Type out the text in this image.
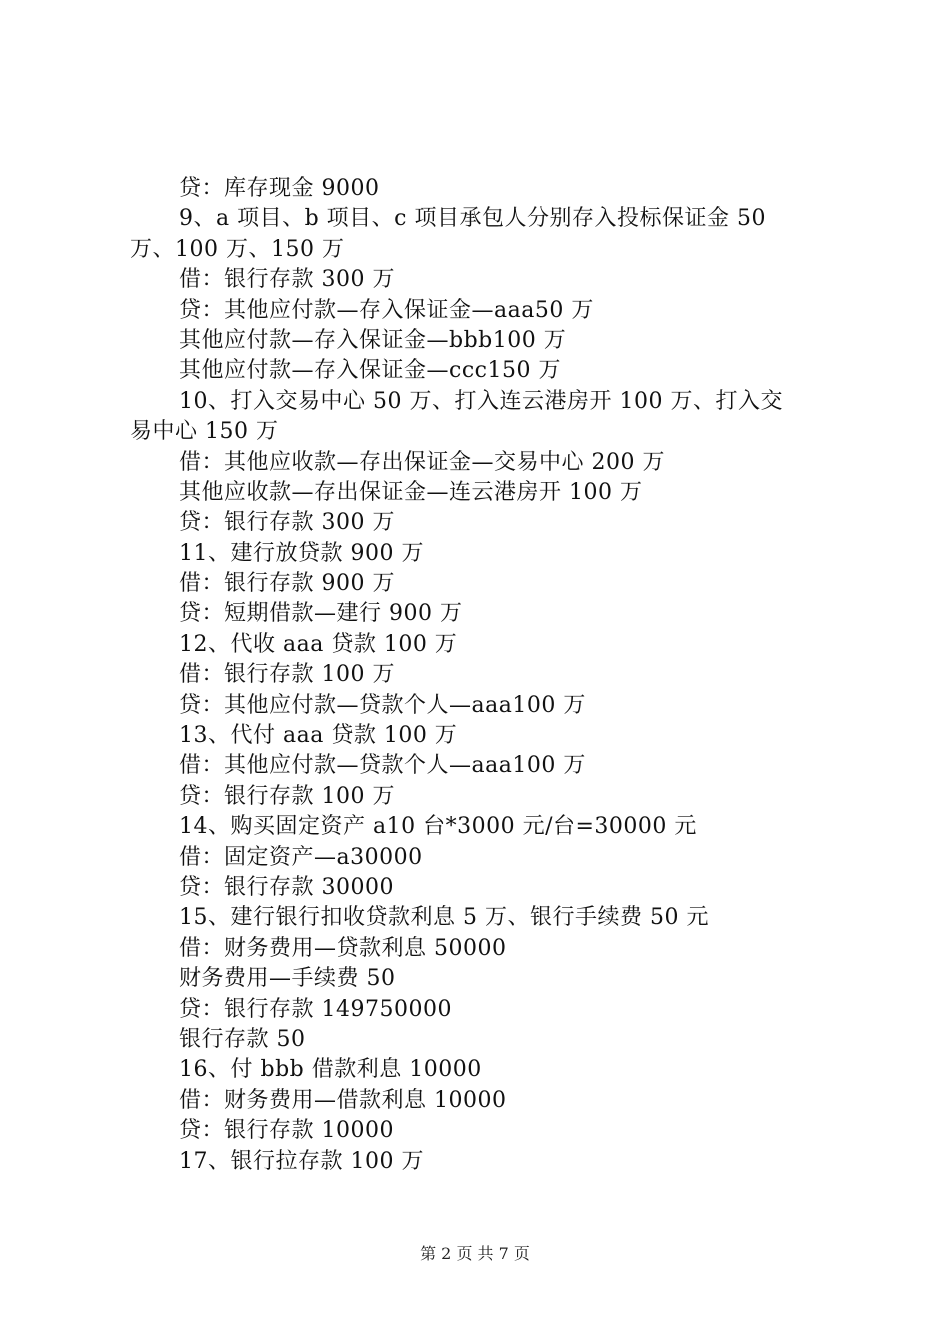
贷：库存现金 9000
9、a 项目、b 项目、c 项目承包人分别存入投标保证金 50
万、100 万、150 万
借：银行存款 300 万
贷：其他应付款—存入保证金—aaa50 万
其他应付款—存入保证金—bbb100 万
其他应付款—存入保证金—ccc150 万
10、打入交易中心 50 万、打入连云港房开 100 万、打入交
易中心 150 万
借：其他应收款—存出保证金—交易中心 200 万
其他应收款—存出保证金—连云港房开 100 万
贷：银行存款 300 万
11、建行放贷款 900 万
借：银行存款 900 万
贷：短期借款—建行 900 万
12、代收 aaa 贷款 100 万
借：银行存款 100 万
贷：其他应付款—贷款个人—aaa100 万
13、代付 aaa 贷款 100 万
借：其他应付款—贷款个人—aaa100 万
贷：银行存款 100 万
14、购买固定资产 a10 台*3000 元/台=30000 元
借：固定资产—a30000
贷：银行存款 30000
15、建行银行扣收贷款利息 5 万、银行手续费 50 元
借：财务费用—贷款利息 50000
财务费用—手续费 50
贷：银行存款 149750000
银行存款 50
16、付 bbb 借款利息 10000
借：财务费用—借款利息 10000
贷：银行存款 10000
17、银行拉存款 100 万
第 2 页 共 7 页
